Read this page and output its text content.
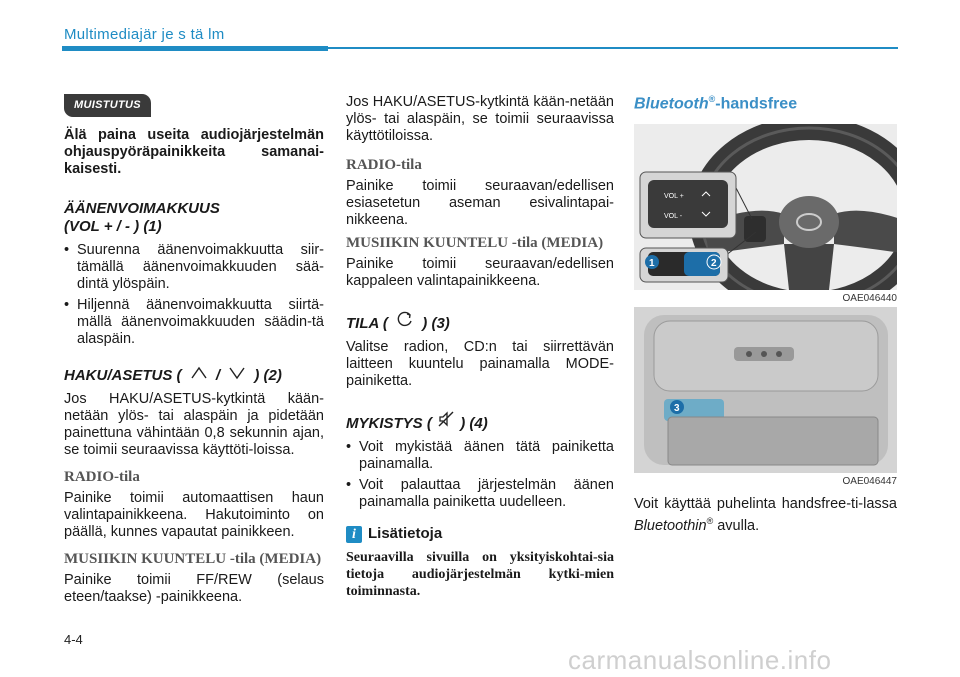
Multimediajär je s tä lm
MUISTUTUS
Älä paina useita audiojärjestelmän ohjauspyöräpainikkeita samanai-kaisesti.
ÄÄNENVOIMAKKUUS
(VOL + / - ) (1)
• Suurenna äänenvoimakkuutta siir-tämällä äänenvoimakkuuden sää-dintä ylöspäin.
• Hiljennä äänenvoimakkuutta siirtä-mällä äänenvoimakkuuden säädin-tä alaspäin.
HAKU/ASETUS ( / ) (2)
Jos HAKU/ASETUS-kytkintä kään-netään ylös- tai alaspäin ja pidetään painettuna vähintään 0,8 sekunnin ajan, se toimii seuraavissa käyttöti-loissa.
RADIO-tila
Painike toimii automaattisen haun valintapainikkeena. Hakutoiminto on päällä, kunnes vapautat painikkeen.
MUSIIKIN KUUNTELU -tila (MEDIA)
Painike toimii FF/REW (selaus eteen/taakse) -painikkeena.
Jos HAKU/ASETUS-kytkintä kään-netään ylös- tai alaspäin, se toimii seuraavissa käyttötiloissa.
RADIO-tila
Painike toimii seuraavan/edellisen esiasetetun aseman esivalintapai-nikkeena.
MUSIIKIN KUUNTELU -tila (MEDIA)
Painike toimii seuraavan/edellisen kappaleen valintapainikkeena.
TILA ( ) (3)
Valitse radion, CD:n tai siirrettävän laitteen kuuntelu painamalla MODE-painiketta.
MYKISTYS ( ) (4)
• Voit mykistää äänen tätä painiketta painamalla.
• Voit palauttaa järjestelmän äänen painamalla painiketta uudelleen.
i Lisätietoja
Seuraavilla sivuilla on yksityiskohtai-sia tietoja audiojärjestelmän kytki-mien toiminnasta.
Bluetooth®-handsfree
VOL +
VOL -
1	2
OAE046440
3
OAE046447
Voit käyttää puhelinta handsfree-ti-lassa Bluetoothin® avulla.
4-4
carmanualsonline.info
